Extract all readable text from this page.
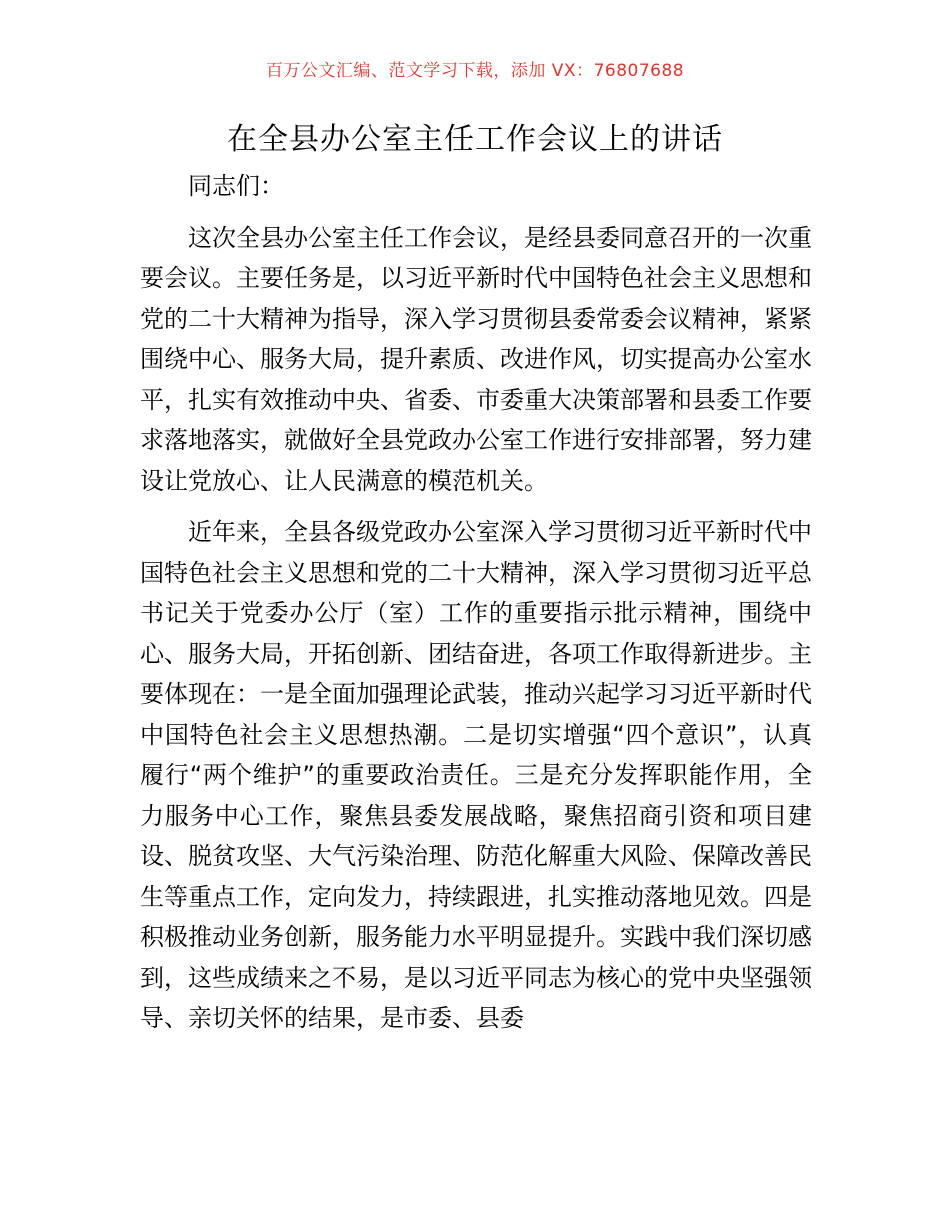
百万公文汇编、范文学习下载，添加 VX：76807688
在全县办公室主任工作会议上的讲话

同志们：

这次全县办公室主任工作会议，是经县委同意召开的一次重要会议。主要任务是，以习近平新时代中国特色社会主义思想和党的二十大精神为指导，深入学习贯彻县委常委会议精神，紧紧围绕中心、服务大局，提升素质、改进作风，切实提高办公室水平，扎实有效推动中央、省委、市委重大决策部署和县委工作要求落地落实，就做好全县党政办公室工作进行安排部署，努力建设让党放心、让人民满意的模范机关。

近年来，全县各级党政办公室深入学习贯彻习近平新时代中国特色社会主义思想和党的二十大精神，深入学习贯彻习近平总书记关于党委办公厅（室）工作的重要指示批示精神，围绕中心、服务大局，开拓创新、团结奋进，各项工作取得新进步。主要体现在：一是全面加强理论武装，推动兴起学习习近平新时代中国特色社会主义思想热潮。二是切实增强“四个意识”，认真履行“两个维护”的重要政治责任。三是充分发挥职能作用，全力服务中心工作，聚焦县委发展战略，聚焦招商引资和项目建设、脱贫攻坚、大气污染治理、防范化解重大风险、保障改善民生等重点工作，定向发力，持续跟进，扎实推动落地见效。四是积极推动业务创新，服务能力水平明显提升。实践中我们深切感到，这些成绩来之不易，是以习近平同志为核心的党中央坚强领导、亲切关怀的结果，是市委、县委
